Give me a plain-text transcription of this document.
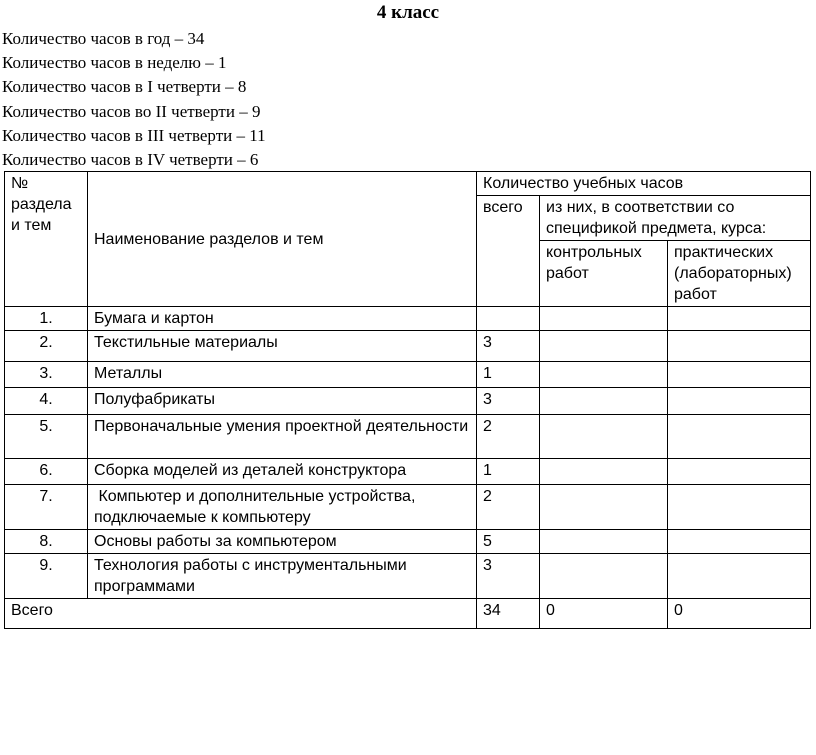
4 класс
Количество часов в год – 34
Количество часов в неделю – 1
Количество часов в I четверти – 8
Количество часов во II четверти – 9
Количество часов в III четверти – 11
Количество часов в IV четверти – 6
№ раздела и тем	Наименование разделов и тем	Количество учебных часов		
		всего	из них, в соответствии со спецификой предмета, курса:	
			контрольных работ	практических (лабораторных) работ
1.	Бумага и картон			
2.	Текстильные материалы	3		
3.	Металлы	1		
4.	Полуфабрикаты	3		
5.	Первоначальные умения проектной деятельности	2		
6.	Сборка моделей из деталей конструктора	1		
7.	Компьютер и дополнительные устройства, подключаемые к компьютеру	2		
8.	Основы работы за компьютером	5		
9.	Технология работы с инструментальными программами	3		
Всего		34	0	0
